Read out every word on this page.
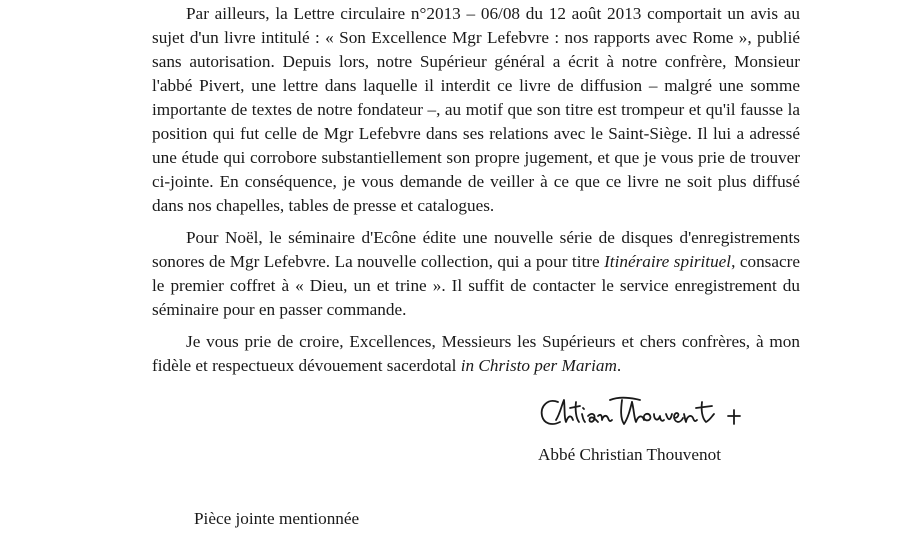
Par ailleurs, la Lettre circulaire n°2013 – 06/08 du 12 août 2013 comportait un avis au sujet d'un livre intitulé : « Son Excellence Mgr Lefebvre : nos rapports avec Rome », publié sans autorisation. Depuis lors, notre Supérieur général a écrit à notre confrère, Monsieur l'abbé Pivert, une lettre dans laquelle il interdit ce livre de diffusion – malgré une somme importante de textes de notre fondateur –, au motif que son titre est trompeur et qu'il fausse la position qui fut celle de Mgr Lefebvre dans ses relations avec le Saint-Siège. Il lui a adressé une étude qui corrobore substantiellement son propre jugement, et que je vous prie de trouver ci-jointe. En conséquence, je vous demande de veiller à ce que ce livre ne soit plus diffusé dans nos chapelles, tables de presse et catalogues.

Pour Noël, le séminaire d'Ecône édite une nouvelle série de disques d'enregistrements sonores de Mgr Lefebvre. La nouvelle collection, qui a pour titre Itinéraire spirituel, consacre le premier coffret à « Dieu, un et trine ». Il suffit de contacter le service enregistrement du séminaire pour en passer commande.

Je vous prie de croire, Excellences, Messieurs les Supérieurs et chers confrères, à mon fidèle et respectueux dévouement sacerdotal in Christo per Mariam.

Abbé Christian Thouvenot
Pièce jointe mentionnée
